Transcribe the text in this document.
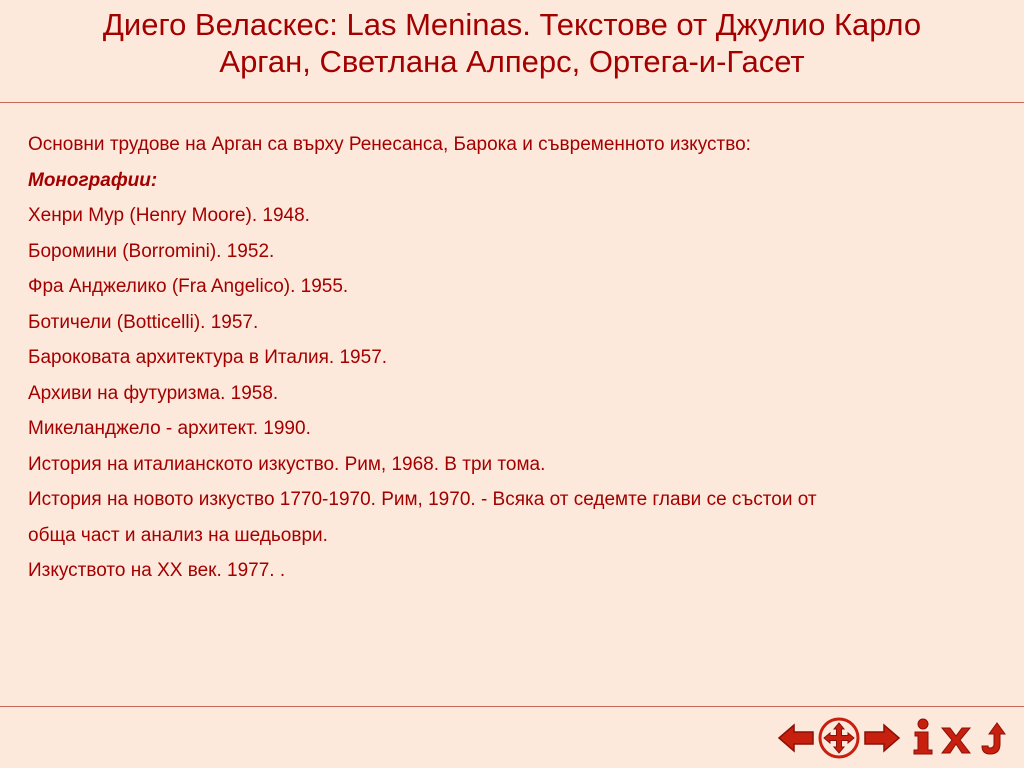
Диего Веласкес: Las Meninas. Текстове от Джулио Карло
Арган, Светлана Алперс, Ортега-и-Гасет

Основни трудове на Арган са върху Ренесанса, Барока и съвременното изкуство:

Монографии:

Хенри Мур (Henry Moore). 1948.

Боромини (Borromini). 1952.

Фра Анджелико (Fra Angelico). 1955.

Ботичели (Botticelli). 1957.

Бароковата архитектура в Италия. 1957.

Архиви на футуризма. 1958.

Микеланджело - архитект. 1990.

История на италианското изкуство. Рим, 1968. В три тома.

История на новото изкуство 1770-1970. Рим, 1970. - Всяка от седемте глави се състои от

обща част и анализ на шедьоври.

Изкуството на XX век. 1977. .
